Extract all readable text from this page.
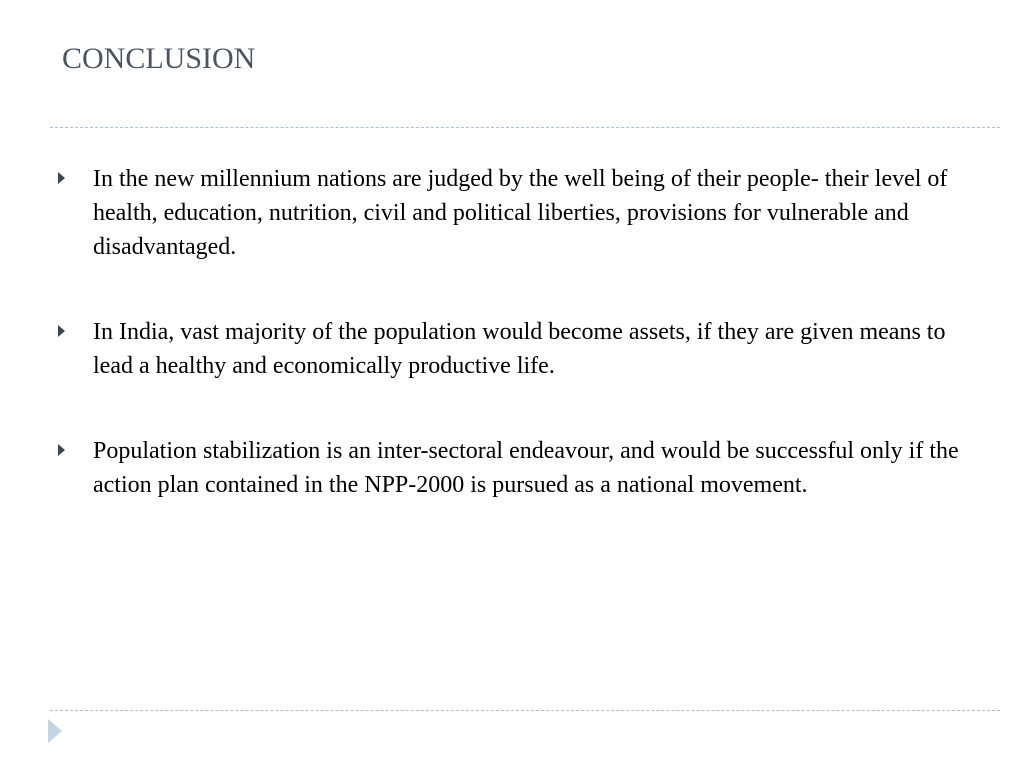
CONCLUSION
In the new millennium nations are judged by the well being of their people- their level of health, education, nutrition, civil and political liberties, provisions for vulnerable and disadvantaged.
In India, vast majority of the population would become assets, if they are given means to lead a healthy and economically productive life.
Population stabilization is an inter-sectoral endeavour, and would be successful only if the action plan contained in the NPP-2000 is pursued as a national movement.
